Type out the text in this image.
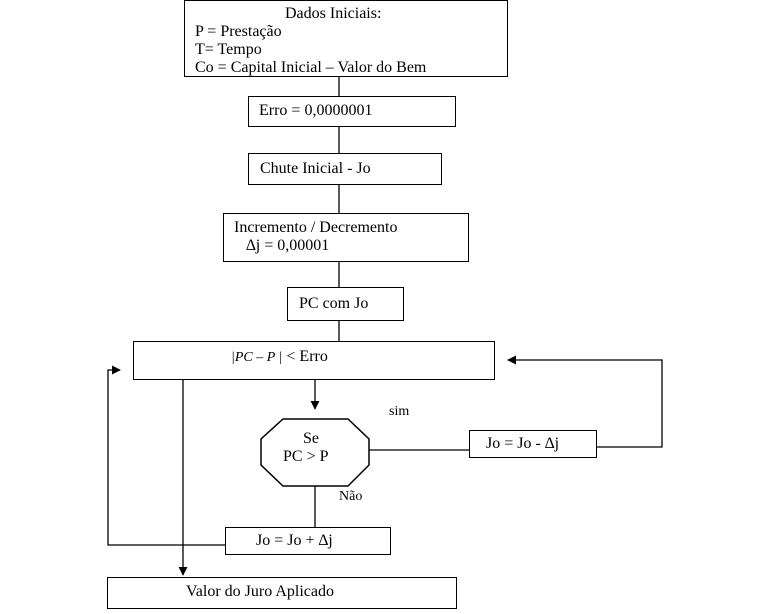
Dados Iniciais:
P = Prestação
T= Tempo
Co = Capital Inicial – Valor do Bem
Erro = 0,0000001
Chute Inicial - Jo
Incremento / Decremento
∆j = 0,00001
PC com Jo
|PC – P | < Erro
Se
PC > P
Jo = Jo - ∆j
Jo = Jo + ∆j
Valor do Juro Aplicado
sim
Não
